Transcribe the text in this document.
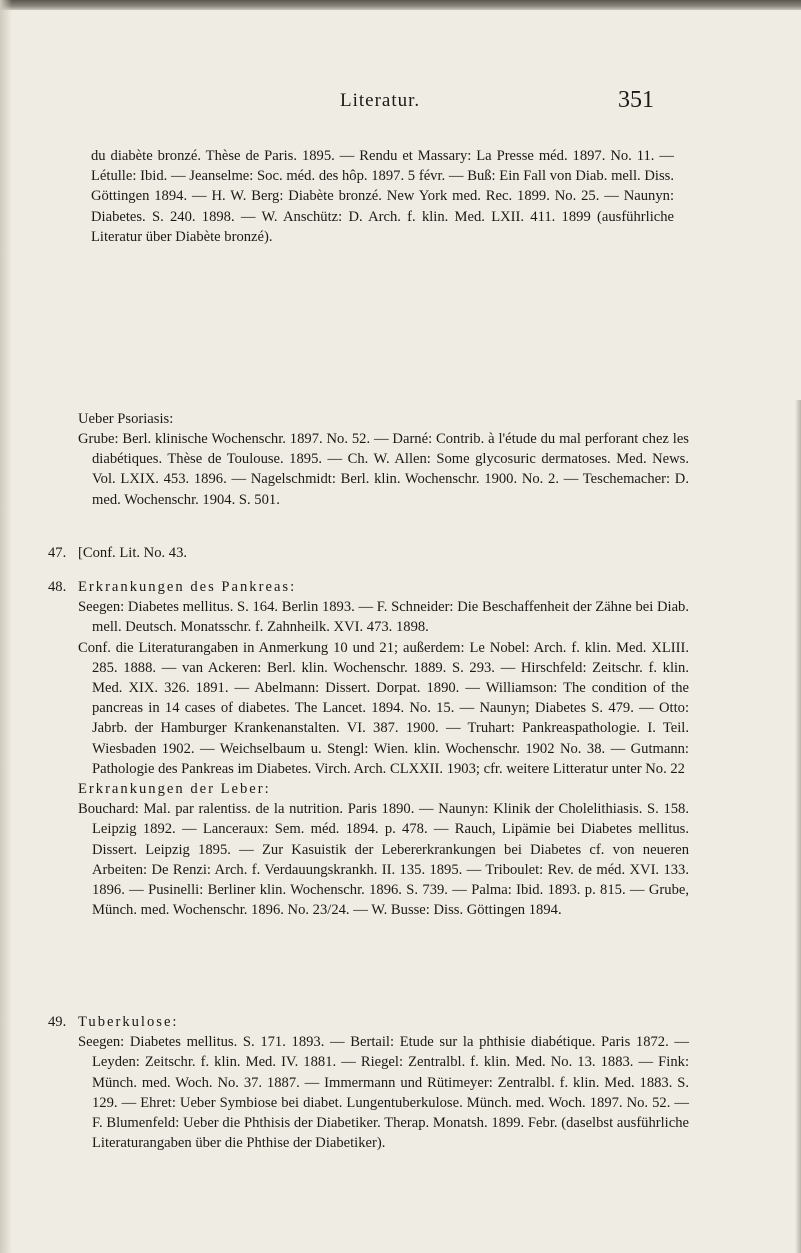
Literatur.	351

du diabète bronzé. Thèse de Paris. 1895. — Rendu et Massary: La Presse méd. 1897. No. 11. — Létulle: Ibid. — Jeanselme: Soc. méd. des hôp. 1897. 5 févr. — Buß: Ein Fall von Diab. mell. Diss. Göttingen 1894. — H. W. Berg: Diabète bronzé. New York med. Rec. 1899. No. 25. — Naunyn: Diabetes. S. 240. 1898. — W. Anschütz: D. Arch. f. klin. Med. LXII. 411. 1899 (ausführliche Literatur über Diabète bronzé).

Ueber Psoriasis:

Grube: Berl. klinische Wochenschr. 1897. No. 52. — Darné: Contrib. à l'étude du mal perforant chez les diabétiques. Thèse de Toulouse. 1895. — Ch. W. Allen: Some glycosuric dermatoses. Med. News. Vol. LXIX. 453. 1896. — Nagelschmidt: Berl. klin. Wochenschr. 1900. No. 2. — Teschemacher: D. med. Wochenschr. 1904. S. 501.

47. [Conf. Lit. No. 43.

48. Erkrankungen des Pankreas:

Seegen: Diabetes mellitus. S. 164. Berlin 1893. — F. Schneider: Die Beschaffenheit der Zähne bei Diab. mell. Deutsch. Monatsschr. f. Zahnheilk. XVI. 473. 1898.

Conf. die Literaturangaben in Anmerkung 10 und 21; außerdem: Le Nobel: Arch. f. klin. Med. XLIII. 285. 1888. — van Ackeren: Berl. klin. Wochenschr. 1889. S. 293. — Hirschfeld: Zeitschr. f. klin. Med. XIX. 326. 1891. — Abelmann: Dissert. Dorpat. 1890. — Williamson: The condition of the pancreas in 14 cases of diabetes. The Lancet. 1894. No. 15. — Naunyn; Diabetes S. 479. — Otto: Jabrb. der Hamburger Krankenanstalten. VI. 387. 1900. — Truhart: Pankreaspathologie. I. Teil. Wiesbaden 1902. — Weichselbaum u. Stengl: Wien. klin. Wochenschr. 1902 No. 38. — Gutmann: Pathologie des Pankreas im Diabetes. Virch. Arch. CLXXII. 1903; cfr. weitere Litteratur unter No. 22

Erkrankungen der Leber:

Bouchard: Mal. par ralentiss. de la nutrition. Paris 1890. — Naunyn: Klinik der Cholelithiasis. S. 158. Leipzig 1892. — Lanceraux: Sem. méd. 1894. p. 478. — Rauch, Lipämie bei Diabetes mellitus. Dissert. Leipzig 1895. — Zur Kasuistik der Lebererkrankungen bei Diabetes cf. von neueren Arbeiten: De Renzi: Arch. f. Verdauungskrankh. II. 135. 1895. — Triboulet: Rev. de méd. XVI. 133. 1896. — Pusinelli: Berliner klin. Wochenschr. 1896. S. 739. — Palma: Ibid. 1893. p. 815. — Grube, Münch. med. Wochenschr. 1896. No. 23/24. — W. Busse: Diss. Göttingen 1894.

49. Tuberkulose:

Seegen: Diabetes mellitus. S. 171. 1893. — Bertail: Etude sur la phthisie diabétique. Paris 1872. — Leyden: Zeitschr. f. klin. Med. IV. 1881. — Riegel: Zentralbl. f. klin. Med. No. 13. 1883. — Fink: Münch. med. Woch. No. 37. 1887. — Immermann und Rütimeyer: Zentralbl. f. klin. Med. 1883. S. 129. — Ehret: Ueber Symbiose bei diabet. Lungentuberkulose. Münch. med. Woch. 1897. No. 52. — F. Blumenfeld: Ueber die Phthisis der Diabetiker. Therap. Monatsh. 1899. Febr. (daselbst ausführliche Literaturangaben über die Phthise der Diabetiker).
